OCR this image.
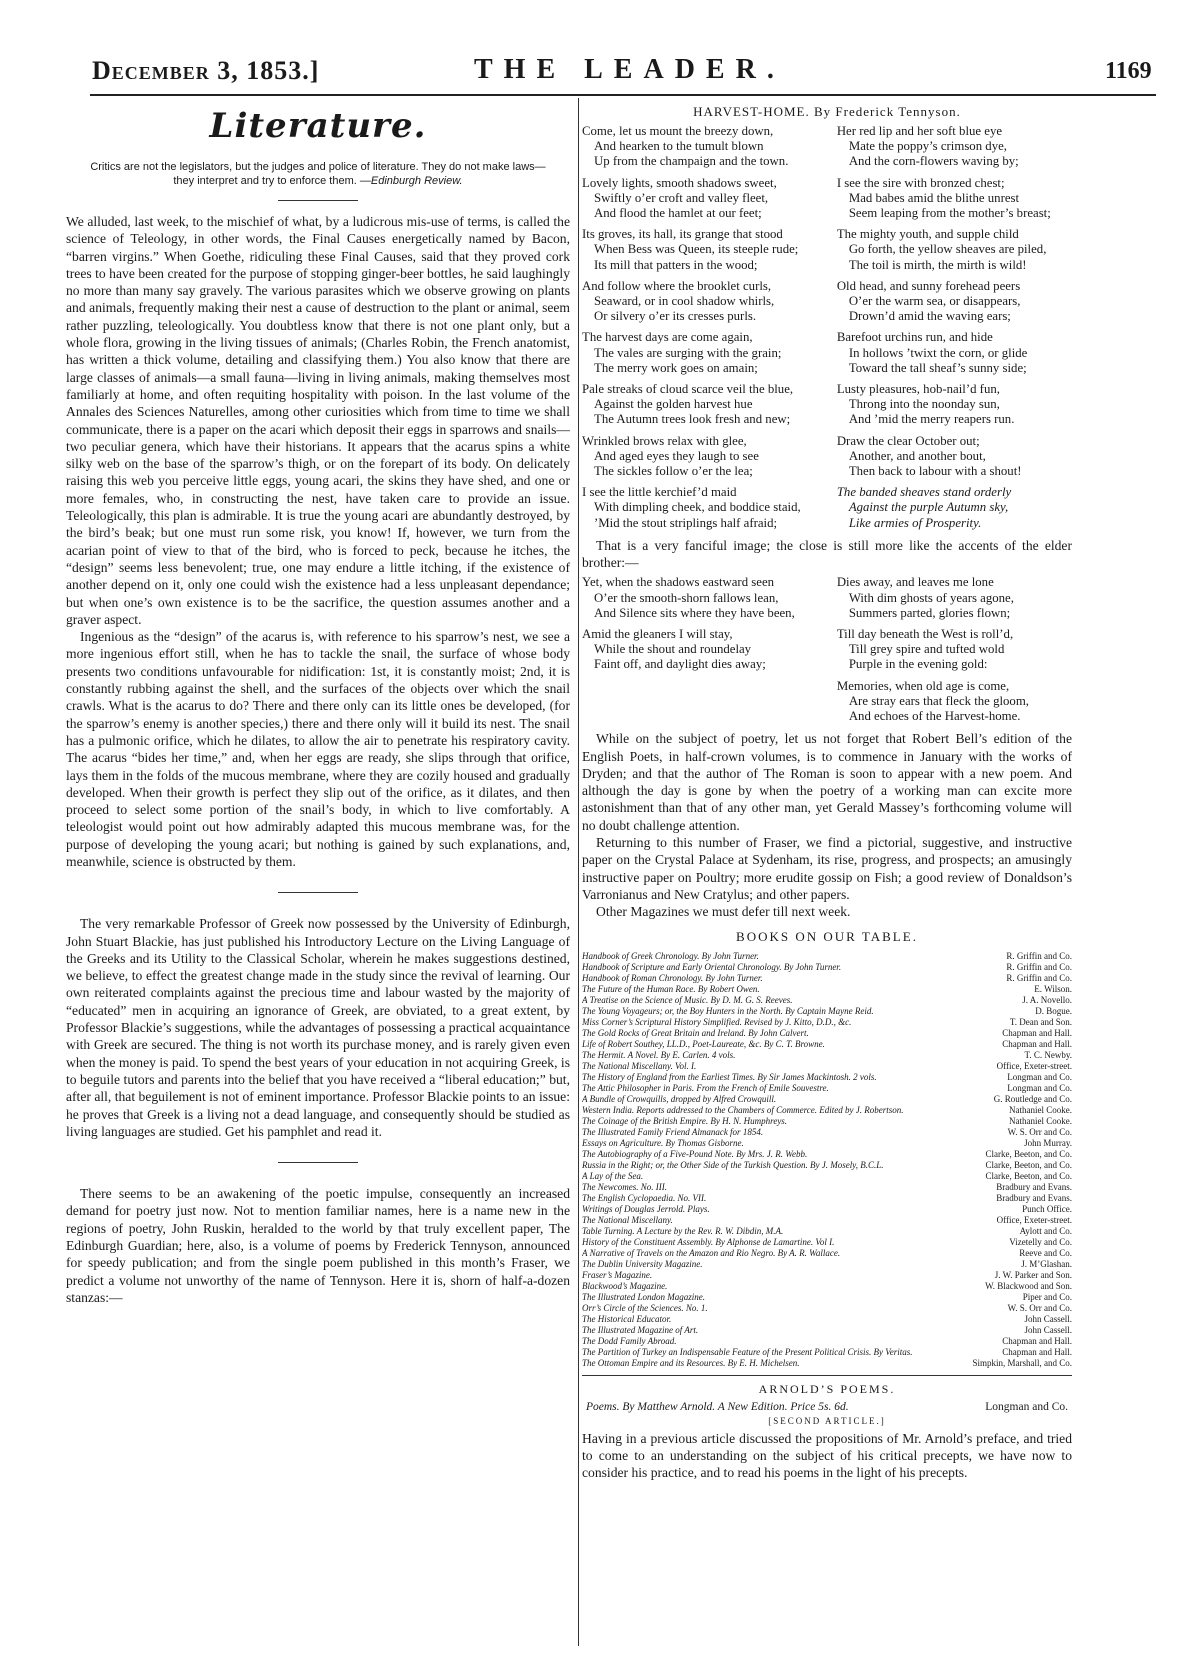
December 3, 1853.]	THE LEADER.	1169
Literature.
Critics are not the legislators, but the judges and police of literature. They do not make laws—they interpret and try to enforce them. —Edinburgh Review.

We alluded, last week, to the mischief of what, by a ludicrous mis-use of terms, is called the science of Teleology, in other words, the Final Causes energetically named by Bacon, “barren virgins.” When Goethe, ridiculing these Final Causes, said that they proved cork trees to have been created for the purpose of stopping ginger-beer bottles, he said laughingly no more than many say gravely. The various parasites which we observe growing on plants and animals, frequently making their nest a cause of destruction to the plant or animal, seem rather puzzling, teleologically. You doubtless know that there is not one plant only, but a whole flora, growing in the living tissues of animals; (Charles Robin, the French anatomist, has written a thick volume, detailing and classifying them.) You also know that there are large classes of animals—a small fauna—living in living animals, making themselves most familiarly at home, and often requiting hospitality with poison. In the last volume of the Annales des Sciences Naturelles, among other curiosities which from time to time we shall communicate, there is a paper on the acari which deposit their eggs in sparrows and snails—two peculiar genera, which have their historians. It appears that the acarus spins a white silky web on the base of the sparrow’s thigh, or on the forepart of its body. On delicately raising this web you perceive little eggs, young acari, the skins they have shed, and one or more females, who, in constructing the nest, have taken care to provide an issue. Teleologically, this plan is admirable. It is true the young acari are abundantly destroyed, by the bird’s beak; but one must run some risk, you know! If, however, we turn from the acarian point of view to that of the bird, who is forced to peck, because he itches, the “design” seems less benevolent; true, one may endure a little itching, if the existence of another depend on it, only one could wish the existence had a less unpleasant dependance; but when one’s own existence is to be the sacrifice, the question assumes another and a graver aspect.

Ingenious as the “design” of the acarus is, with reference to his sparrow’s nest, we see a more ingenious effort still, when he has to tackle the snail, the surface of whose body presents two conditions unfavourable for nidification: 1st, it is constantly moist; 2nd, it is constantly rubbing against the shell, and the surfaces of the objects over which the snail crawls. What is the acarus to do? There and there only can its little ones be developed, (for the sparrow’s enemy is another species,) there and there only will it build its nest. The snail has a pulmonic orifice, which he dilates, to allow the air to penetrate his respiratory cavity. The acarus “bides her time,” and, when her eggs are ready, she slips through that orifice, lays them in the folds of the mucous membrane, where they are cozily housed and gradually developed. When their growth is perfect they slip out of the orifice, as it dilates, and then proceed to select some portion of the snail’s body, in which to live comfortably. A teleologist would point out how admirably adapted this mucous membrane was, for the purpose of developing the young acari; but nothing is gained by such explanations, and, meanwhile, science is obstructed by them.

The very remarkable Professor of Greek now possessed by the University of Edinburgh, John Stuart Blackie, has just published his Introductory Lecture on the Living Language of the Greeks and its Utility to the Classical Scholar, wherein he makes suggestions destined, we believe, to effect the greatest change made in the study since the revival of learning. Our own reiterated complaints against the precious time and labour wasted by the majority of “educated” men in acquiring an ignorance of Greek, are obviated, to a great extent, by Professor Blackie’s suggestions, while the advantages of possessing a practical acquaintance with Greek are secured. The thing is not worth its purchase money, and is rarely given even when the money is paid. To spend the best years of your education in not acquiring Greek, is to beguile tutors and parents into the belief that you have received a “liberal education;” but, after all, that beguilement is not of eminent importance. Professor Blackie points to an issue: he proves that Greek is a living not a dead language, and consequently should be studied as living languages are studied. Get his pamphlet and read it.

There seems to be an awakening of the poetic impulse, consequently an increased demand for poetry just now. Not to mention familiar names, here is a name new in the regions of poetry, John Ruskin, heralded to the world by that truly excellent paper, The Edinburgh Guardian; here, also, is a volume of poems by Frederick Tennyson, announced for speedy publication; and from the single poem published in this month’s Fraser, we predict a volume not unworthy of the name of Tennyson. Here it is, shorn of half-a-dozen stanzas:—

HARVEST-HOME. By Frederick Tennyson.
Come, let us mount the breezy down,
And hearken to the tumult blown
Up from the champaign and the town.
Lovely lights, smooth shadows sweet,
Swiftly o’er croft and valley fleet,
And flood the hamlet at our feet;
Its groves, its hall, its grange that stood
When Bess was Queen, its steeple rude;
Its mill that patters in the wood;
And follow where the brooklet curls,
Seaward, or in cool shadow whirls,
Or silvery o’er its cresses purls.
The harvest days are come again,
The vales are surging with the grain;
The merry work goes on amain;
Pale streaks of cloud scarce veil the blue,
Against the golden harvest hue
The Autumn trees look fresh and new;
Wrinkled brows relax with glee,
And aged eyes they laugh to see
The sickles follow o’er the lea;
I see the little kerchief’d maid
With dimpling cheek, and boddice staid,
’Mid the stout striplings half afraid;
Her red lip and her soft blue eye
Mate the poppy’s crimson dye,
And the corn-flowers waving by;
I see the sire with bronzed chest;
Mad babes amid the blithe unrest
Seem leaping from the mother’s breast;
The mighty youth, and supple child
Go forth, the yellow sheaves are piled,
The toil is mirth, the mirth is wild!
Old head, and sunny forehead peers
O’er the warm sea, or disappears,
Drown’d amid the waving ears;
Barefoot urchins run, and hide
In hollows ’twixt the corn, or glide
Toward the tall sheaf’s sunny side;
Lusty pleasures, hob-nail’d fun,
Throng into the noonday sun,
And ’mid the merry reapers run.
Draw the clear October out;
Another, and another bout,
Then back to labour with a shout!
The banded sheaves stand orderly
Against the purple Autumn sky,
Like armies of Prosperity.

That is a very fanciful image; the close is still more like the accents of the elder brother:—

Yet, when the shadows eastward seen
O’er the smooth-shorn fallows lean,
And Silence sits where they have been,
Amid the gleaners I will stay,
While the shout and roundelay
Faint off, and daylight dies away;
Dies away, and leaves me lone
With dim ghosts of years agone,
Summers parted, glories flown;
Till day beneath the West is roll’d,
Till grey spire and tufted wold
Purple in the evening gold:
Memories, when old age is come,
Are stray ears that fleck the gloom,
And echoes of the Harvest-home.

While on the subject of poetry, let us not forget that Robert Bell’s edition of the English Poets, in half-crown volumes, is to commence in January with the works of Dryden; and that the author of The Roman is soon to appear with a new poem. And although the day is gone by when the poetry of a working man can excite more astonishment than that of any other man, yet Gerald Massey’s forthcoming volume will no doubt challenge attention.

Returning to this number of Fraser, we find a pictorial, suggestive, and instructive paper on the Crystal Palace at Sydenham, its rise, progress, and prospects; an amusingly instructive paper on Poultry; more erudite gossip on Fish; a good review of Donaldson’s Varronianus and New Cratylus; and other papers.

Other Magazines we must defer till next week.

BOOKS ON OUR TABLE.
Handbook of Greek Chronology. By John Turner.	R. Griffin and Co.
Handbook of Scripture and Early Oriental Chronology. By John Turner.	R. Griffin and Co.
Handbook of Roman Chronology. By John Turner.	R. Griffin and Co.
The Future of the Human Race. By Robert Owen.	E. Wilson.
A Treatise on the Science of Music. By D. M. G. S. Reeves.	J. A. Novello.
The Young Voyageurs; or, the Boy Hunters in the North. By Captain Mayne Reid.	D. Bogue.
Miss Corner’s Scriptural History Simplified. Revised by J. Kitto, D.D., &c.	T. Dean and Son.
The Gold Rocks of Great Britain and Ireland. By John Calvert.	Chapman and Hall.
Life of Robert Southey, LL.D., Poet-Laureate, &c. By C. T. Browne.	Chapman and Hall.
The Hermit. A Novel. By E. Carlen. 4 vols.	T. C. Newby.
The National Miscellany. Vol. I.	Office, Exeter-street.
The History of England from the Earliest Times. By Sir James Mackintosh. 2 vols.	Longman and Co.
The Attic Philosopher in Paris. From the French of Emile Souvestre.	Longman and Co.
A Bundle of Crowquills, dropped by Alfred Crowquill.	G. Routledge and Co.
Western India. Reports addressed to the Chambers of Commerce. Edited by J. Robertson.	Nathaniel Cooke.
The Coinage of the British Empire. By H. N. Humphreys.	Nathaniel Cooke.
The Illustrated Family Friend Almanack for 1854.	W. S. Orr and Co.
Essays on Agriculture. By Thomas Gisborne.	John Murray.
The Autobiography of a Five-Pound Note. By Mrs. J. R. Webb.	Clarke, Beeton, and Co.
Russia in the Right; or, the Other Side of the Turkish Question. By J. Mosely, B.C.L.	Clarke, Beeton, and Co.
A Lay of the Sea.	Clarke, Beeton, and Co.
The Newcomes. No. III.	Bradbury and Evans.
The English Cyclopaedia. No. VII.	Bradbury and Evans.
Writings of Douglas Jerrold. Plays.	Punch Office.
The National Miscellany.	Office, Exeter-street.
Table Turning. A Lecture by the Rev. R. W. Dibdin, M.A.	Aylott and Co.
History of the Constituent Assembly. By Alphonse de Lamartine. Vol I.	Vizetelly and Co.
A Narrative of Travels on the Amazon and Rio Negro. By A. R. Wallace.	Reeve and Co.
The Dublin University Magazine.	J. M’Glashan.
Fraser’s Magazine.	J. W. Parker and Son.
Blackwood’s Magazine.	W. Blackwood and Son.
The Illustrated London Magazine.	Piper and Co.
Orr’s Circle of the Sciences. No. 1.	W. S. Orr and Co.
The Historical Educator.	John Cassell.
The Illustrated Magazine of Art.	John Cassell.
The Dodd Family Abroad.	Chapman and Hall.
The Partition of Turkey an Indispensable Feature of the Present Political Crisis. By Veritas.	Chapman and Hall.
The Ottoman Empire and its Resources. By E. H. Michelsen.	Simpkin, Marshall, and Co.
ARNOLD’S POEMS.
Poems. By Matthew Arnold. A New Edition. Price 5s. 6d.	Longman and Co.
[SECOND ARTICLE.]

Having in a previous article discussed the propositions of Mr. Arnold’s preface, and tried to come to an understanding on the subject of his critical precepts, we have now to consider his practice, and to read his poems in the light of his precepts.
